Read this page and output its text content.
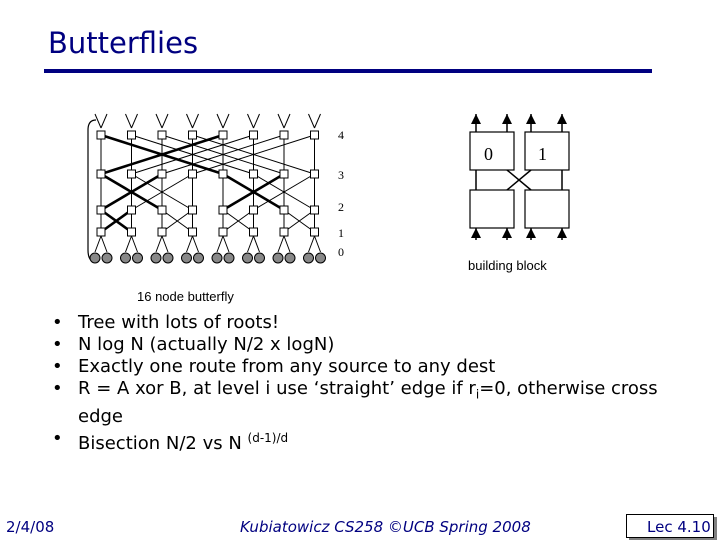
Butterflies
4
3
2
1
0
0	1
building block
16 node butterfly
• Tree with lots of roots!
• N log N (actually N/2 x logN)
• Exactly one route from any source to any dest
• R = A xor B, at level i use ‘straight’ edge if $r_i=0$, otherwise cross edge
• Bisection N/2 vs N $^{(d-1)/d}$
2/4/08	Kubiatowicz CS258 ©UCB Spring 2008	Lec 4.10
